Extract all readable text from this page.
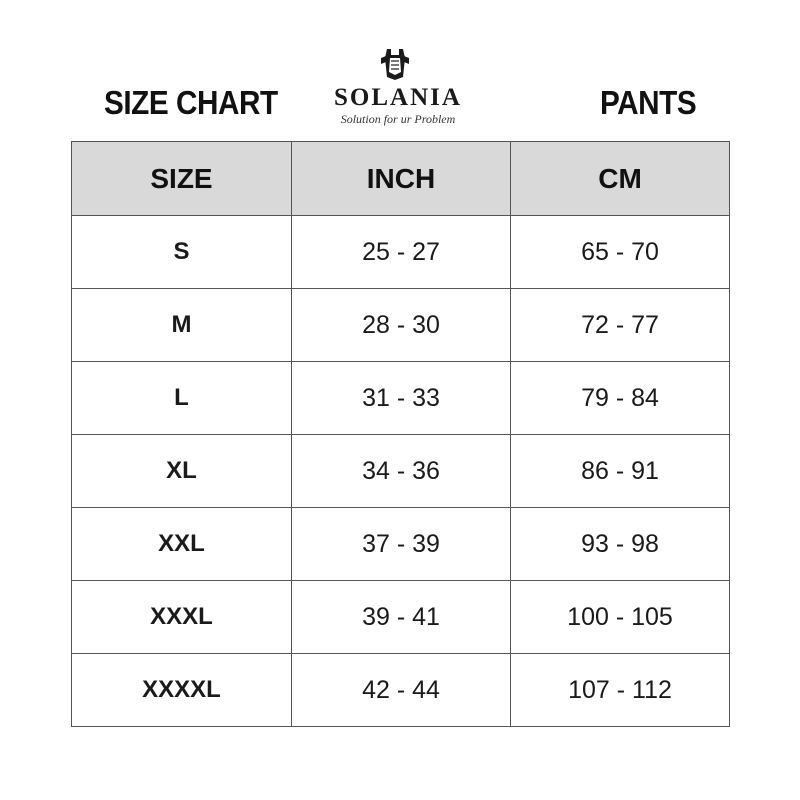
SIZE CHART	SOLANIA
Solution for ur Problem	PANTS
SIZE	INCH	CM
S	25 - 27	65 - 70
M	28 - 30	72 - 77
L	31 - 33	79 - 84
XL	34 - 36	86 - 91
XXL	37 - 39	93 - 98
XXXL	39 - 41	100 - 105
XXXXL	42 - 44	107 - 112
